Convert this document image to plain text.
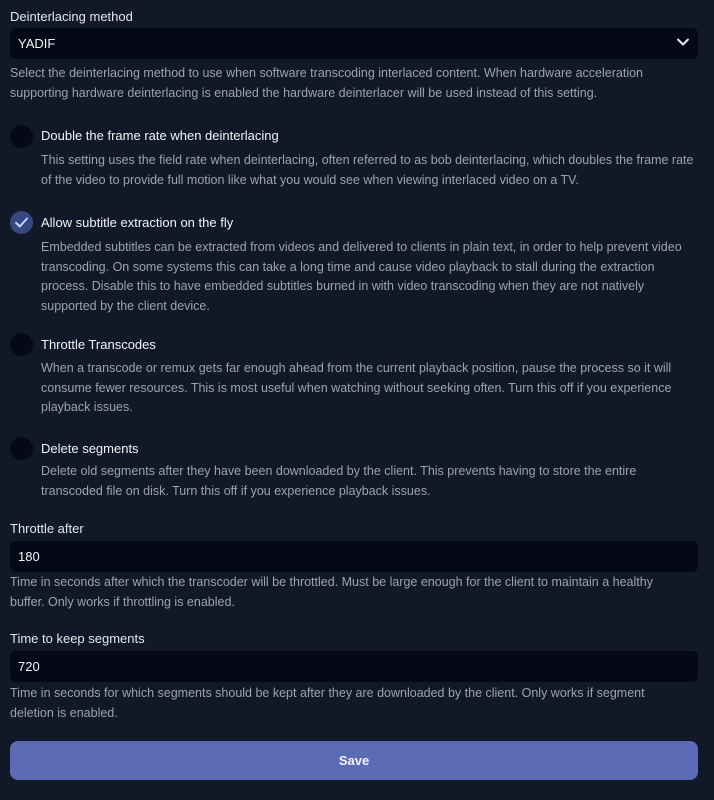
Deinterlacing method
YADIF
Select the deinterlacing method to use when software transcoding interlaced content. When hardware acceleration supporting hardware deinterlacing is enabled the hardware deinterlacer will be used instead of this setting.
Double the frame rate when deinterlacing
This setting uses the field rate when deinterlacing, often referred to as bob deinterlacing, which doubles the frame rate of the video to provide full motion like what you would see when viewing interlaced video on a TV.
Allow subtitle extraction on the fly
Embedded subtitles can be extracted from videos and delivered to clients in plain text, in order to help prevent video transcoding. On some systems this can take a long time and cause video playback to stall during the extraction process. Disable this to have embedded subtitles burned in with video transcoding when they are not natively supported by the client device.
Throttle Transcodes
When a transcode or remux gets far enough ahead from the current playback position, pause the process so it will consume fewer resources. This is most useful when watching without seeking often. Turn this off if you experience playback issues.
Delete segments
Delete old segments after they have been downloaded by the client. This prevents having to store the entire transcoded file on disk. Turn this off if you experience playback issues.
Throttle after
180
Time in seconds after which the transcoder will be throttled. Must be large enough for the client to maintain a healthy buffer. Only works if throttling is enabled.
Time to keep segments
720
Time in seconds for which segments should be kept after they are downloaded by the client. Only works if segment deletion is enabled.
Save
